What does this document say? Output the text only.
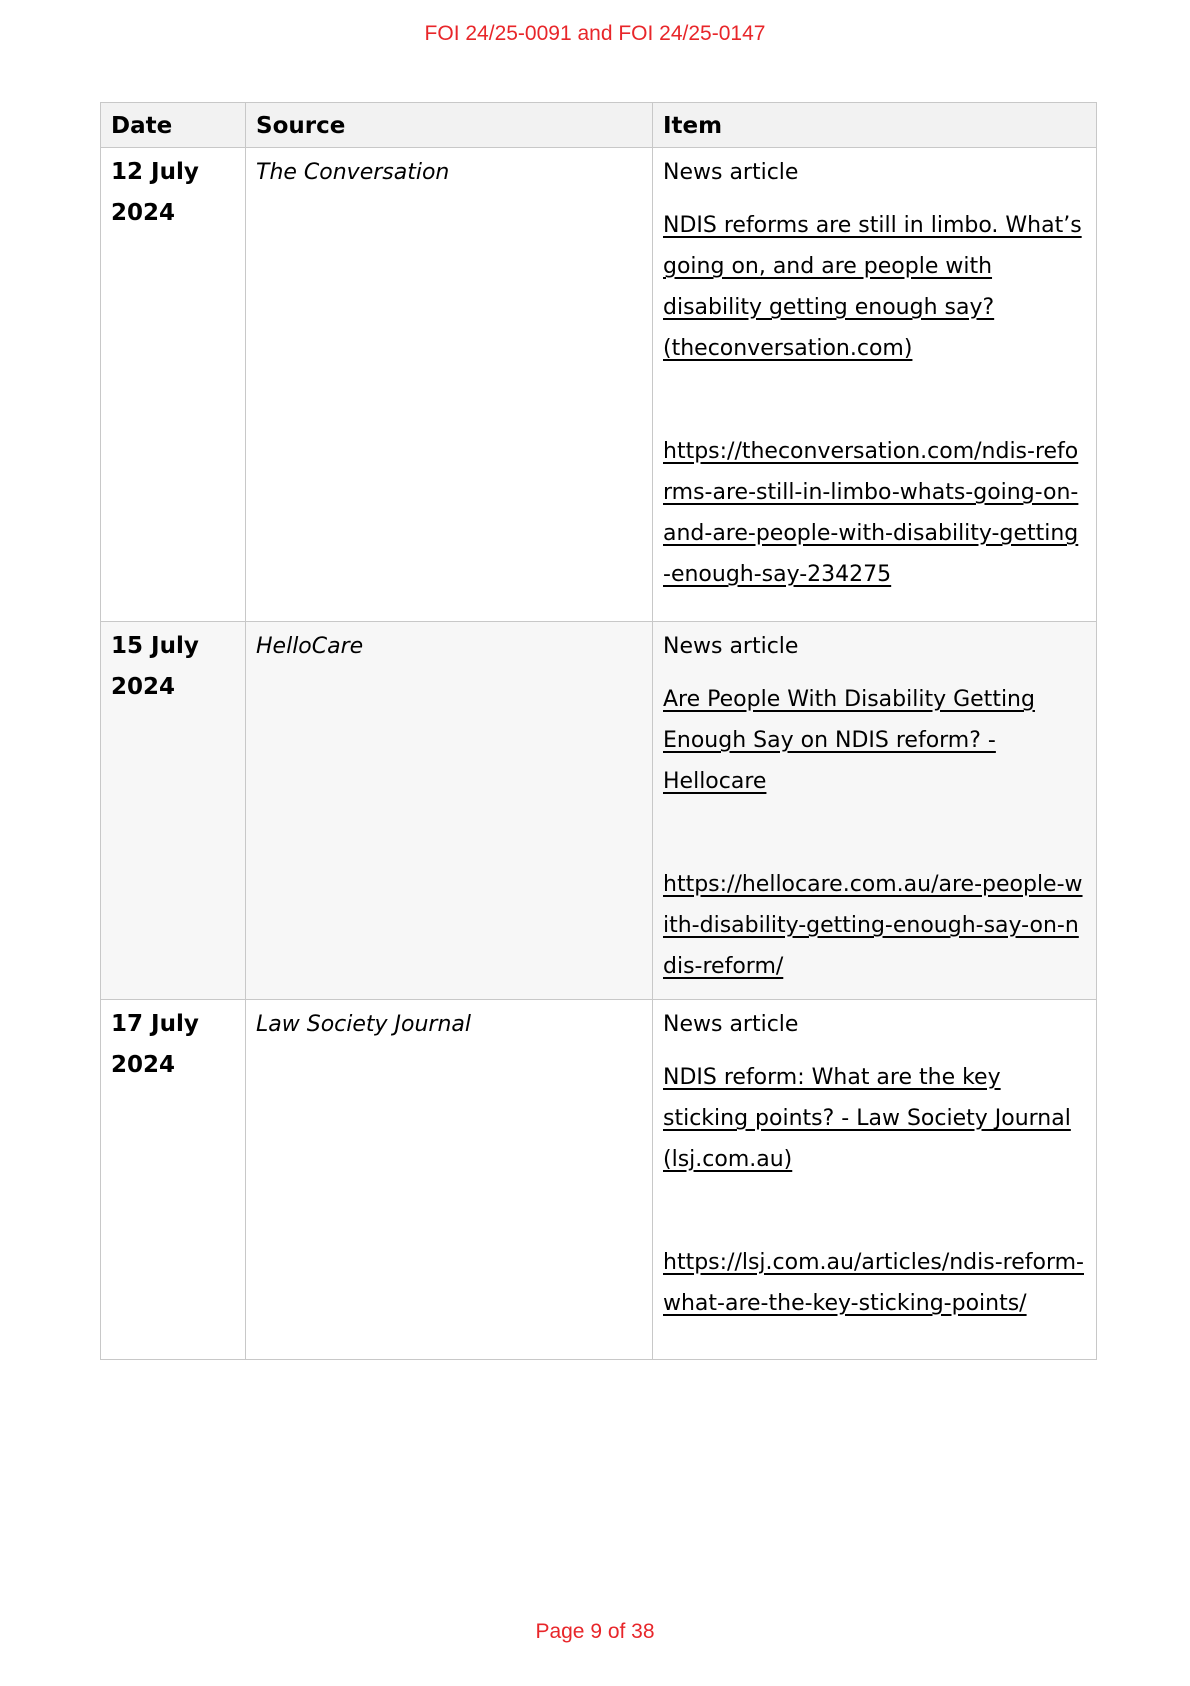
FOI 24/25-0091 and FOI 24/25-0147
Date	Source	Item
12 July
2024	The Conversation	News article
NDIS reforms are still in limbo. What’s going on, and are people with disability getting enough say? (theconversation.com)
https://theconversation.com/ndis-reforms-are-still-in-limbo-whats-going-on-and-are-people-with-disability-getting-enough-say-234275

15 July
2024	HelloCare	News article
Are People With Disability Getting Enough Say on NDIS reform? - Hellocare
https://hellocare.com.au/are-people-with-disability-getting-enough-say-on-ndis-reform/

17 July
2024	Law Society Journal	News article
NDIS reform: What are the key sticking points? - Law Society Journal (lsj.com.au)
https://lsj.com.au/articles/ndis-reform-what-are-the-key-sticking-points/
Page 9 of 38
